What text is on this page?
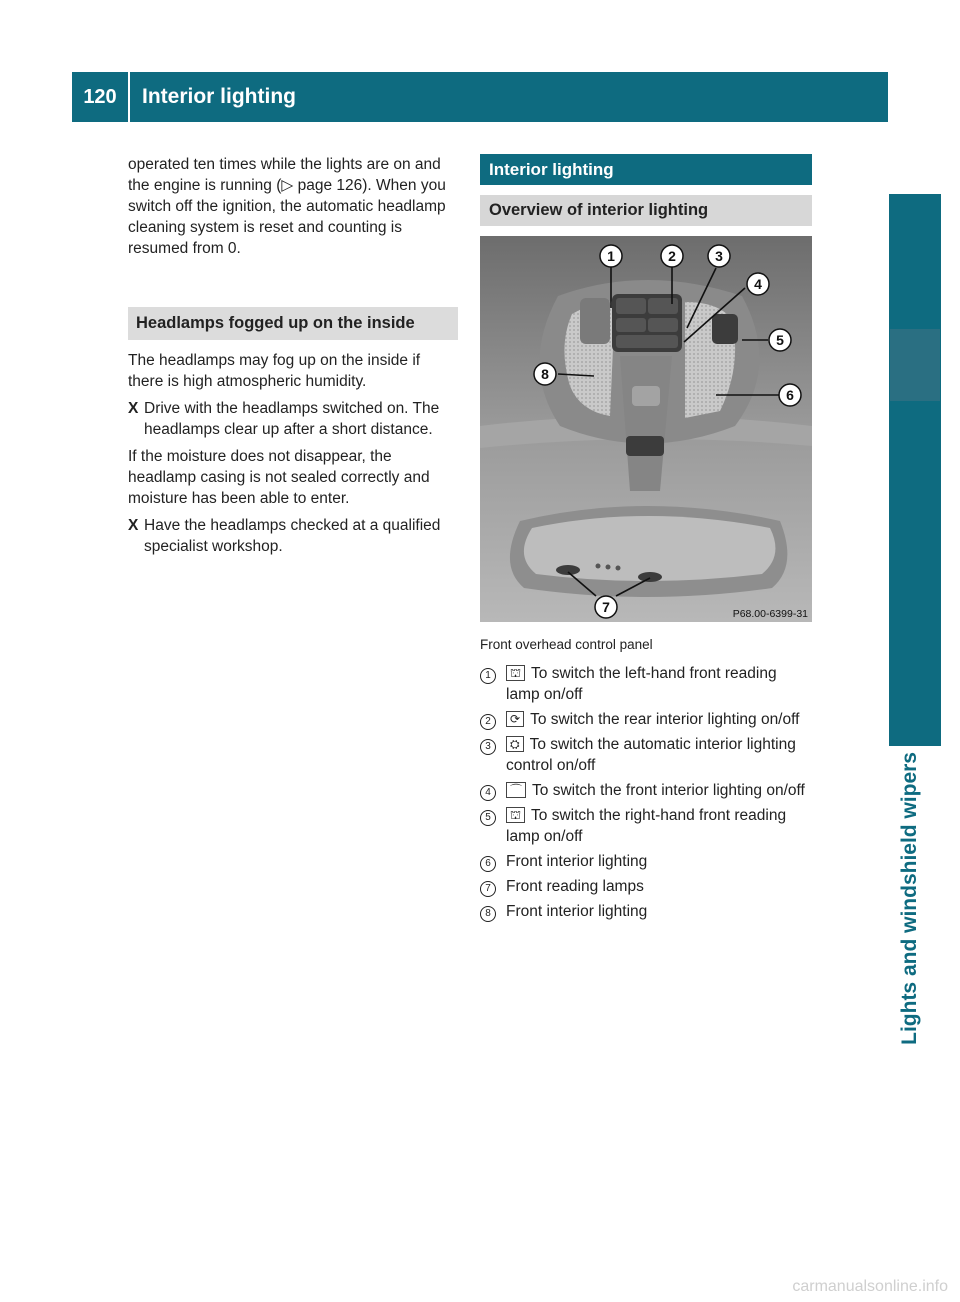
120	Interior lighting
Lights and windshield wipers

operated ten times while the lights are on and the engine is running (▷ page 126). When you switch off the ignition, the automatic headlamp cleaning system is reset and counting is resumed from 0.

Headlamps fogged up on the inside

The headlamps may fog up on the inside if there is high atmospheric humidity.

X Drive with the headlamps switched on. The headlamps clear up after a short distance.

If the moisture does not disappear, the headlamp casing is not sealed correctly and moisture has been able to enter.

X Have the headlamps checked at a qualified specialist workshop.
Interior lighting
Overview of interior lighting
1	2	3
4
5
6
7
8
P68.00-6399-31
Front overhead control panel
1	⛫ To switch the left-hand front reading lamp on/off
2	⟳ To switch the rear interior lighting on/off
3	⛭ To switch the automatic interior lighting control on/off
4	⌒ To switch the front interior lighting on/off
5	⛫ To switch the right-hand front reading lamp on/off
6 Front interior lighting
7 Front reading lamps
8 Front interior lighting
carmanualsonline.info
